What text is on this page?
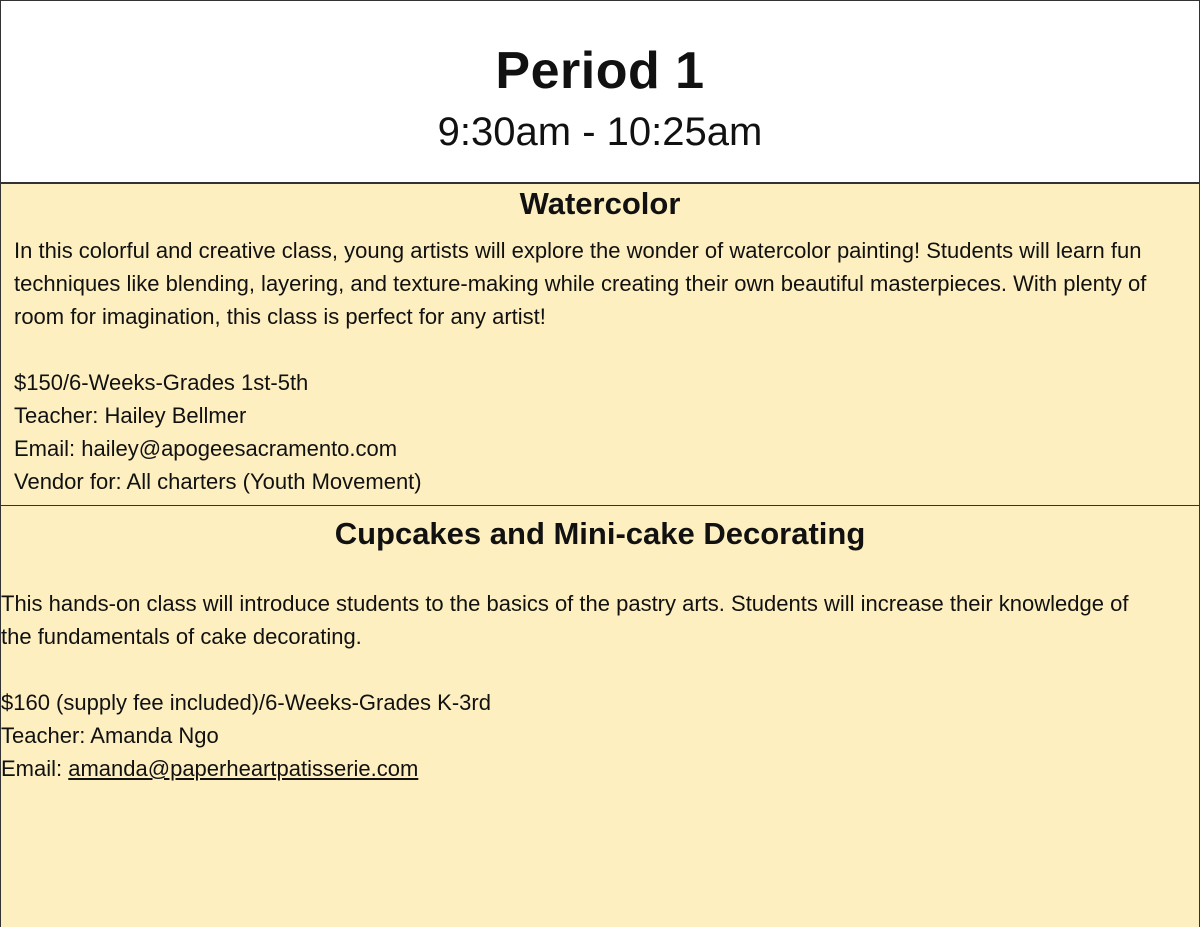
Period 1
9:30am - 10:25am
Watercolor
In this colorful and creative class, young artists will explore the wonder of watercolor painting! Students will learn fun techniques like blending, layering, and texture-making while creating their own beautiful masterpieces. With plenty of room for imagination, this class is perfect for any artist!
$150/6-Weeks-Grades 1st-5th
Teacher: Hailey Bellmer
Email: hailey@apogeesacramento.com
Vendor for: All charters (Youth Movement)
Cupcakes and Mini-cake Decorating
This hands-on class will introduce students to the basics of the pastry arts. Students will increase their knowledge of the fundamentals of cake decorating.
$160 (supply fee included)/6-Weeks-Grades K-3rd
Teacher: Amanda Ngo
Email: amanda@paperheartpatisserie.com
